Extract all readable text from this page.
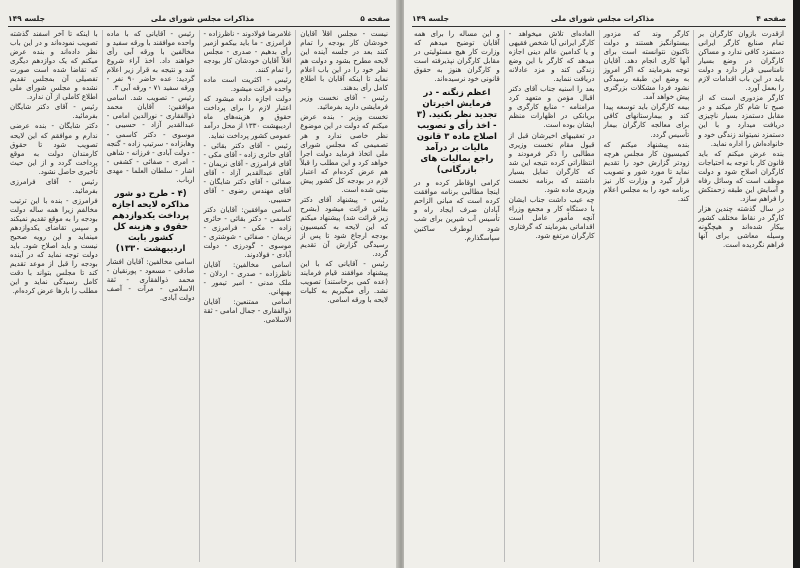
صفحه ۵
مذاکرات مجلس شورای ملی
جلسه ۱۴۹

نیست - مجلس اقلاً آقایان خودشان کار بودجه را تمام کنند بعد در جلسه آینده این لایحه مطرح بشود و دولت هم نظر خود را در این باب اعلام نماید تا اینکه آقایان با اطلاع کامل رأی بدهند.

رئیس - آقای نخست وزیر فرمایشی دارید بفرمائید.

نخست وزیر - بنده عرض میکنم که دولت در این موضوع نظر خاصی ندارد و هر تصمیمی که مجلس شورای ملی اتخاذ فرماید دولت اجرا خواهد کرد و این مطلب را قبلاً هم عرض کرده‌ام که اعتبار لازم در بودجه کل کشور پیش بینی شده است.

رئیس - پیشنهاد آقای دکتر بقائی قرائت میشود (بشرح زیر قرائت شد) پیشنهاد میکنم که این لایحه به کمیسیون بودجه ارجاع شود تا پس از رسیدگی گزارش آن تقدیم گردد.

رئیس - آقایانی که با این پیشنهاد موافقند قیام فرمایند (عده کمی برخاستند) تصویب نشد. رأی میگیریم به کلیات لایحه با ورقه اسامی.

غلامرضا فولادوند - ناظرزاده - فرامرزی - ما باید بیکمو ازمیر رأی بدهیم - صدری - مجلس اقلاً آقایان خودشان کار بودجه را تمام کنند.

رئیس - اکثریت است ماده واحده قرائت میشود.

دولت اجازه داده میشود که اعتبار لازم را برای پرداخت حقوق و هزینه‌های ماه اردیبهشت ۱۳۳۰ از محل درآمد عمومی کشور پرداخت نماید.

رئیس - آقای دکتر بقائی - آقای حائری زاده - آقای مکی - آقای فرامرزی - آقای نریمان - آقای عبدالقدیر آزاد - آقای صفائی - آقای دکتر شایگان - آقای مهندس رضوی - آقای حسیبی.

اسامی موافقین: آقایان دکتر کاسمی - دکتر بقائی - حائری زاده - مکی - فرامرزی - نریمان - صفائی - شوشتری - موسوی - گودرزی - دولت آبادی - فولادوند.

اسامی مخالفین: آقایان ناظرزاده - صدری - اردلان - ملک مدنی - امیر تیمور - بهبهانی.

اسامی ممتنعین: آقایان ذوالفقاری - جمال امامی - ثقة الاسلامی.

رئیس - آقایانی که با ماده واحده موافقند با ورقه سفید و مخالفین با ورقه آبی رأی خواهند داد. اخذ آراء شروع شد و نتیجه به قرار زیر اعلام گردید: عده حاضر ۹۰ نفر - ورقه سفید ۷۱ - ورقه آبی ۳.

رئیس - تصویب شد. اسامی موافقین: آقایان محمد ذوالفقاری - نورالدین امامی - عبدالقدیر آزاد - حسیبی - موسوی - دکتر کاسمی - وهابزاده - سرتیپ زاده - گنجه - دولت آبادی - فرزانه - شاهی - امری - صفائی - کشفی - اشار - سلطان العلما - مهدی ارباب.

(۴ - طرح دو شور مذاکره لایحه اجازه پرداخت یکدوازدهم حقوق و هزینه کل کشور بابت اردیبهشت ۱۳۳۰)

اسامی مخالفین: آقایان افشار صادقی - مسعود - پورنقیان - محمد ذوالفقاری - ثقة الاسلامی - مرآت - آصف دولت آبادی.

با اینکه تا آخر اسفند گذشته تصویب نموده‌اند و در این باب نظر داده‌اند و بنده عرض میکنم که یک دوازدهم دیگری که تقاضا شده است صورت تفصیلی آن بمجلس تقدیم نشده و مجلس شورای ملی اطلاع کاملی از آن ندارد.

رئیس - آقای دکتر شایگان بفرمائید.

دکتر شایگان - بنده عرضی ندارم و موافقم که این لایحه تصویب شود تا حقوق کارمندان دولت به موقع پرداخت گردد و از این حیث تأخیری حاصل نشود.

رئیس - آقای فرامرزی بفرمائید.

فرامرزی - بنده با این ترتیب مخالفم زیرا همه ساله دولت بودجه را به موقع تقدیم نمیکند و سپس تقاضای یکدوازدهم مینماید و این رویه صحیح نیست و باید اصلاح شود. باید دولت توجه نماید که در آینده بودجه را قبل از موعد تقدیم کند تا مجلس بتواند با دقت کامل رسیدگی نماید و این مطلب را بارها عرض کرده‌ام.

صفحه ۴
مذاکرات مجلس شورای ملی
جلسه ۱۴۹

ازقدرت بازوان کارگران بر تمام صنایع کارگر ایرانی دستمزد کافی ندارد و مساکن کارگران در وضع بسیار نامناسبی قرار دارد و دولت باید در این باب اقدامات لازم را بعمل آورد.

کارگر مزدوری است که از صبح تا شام کار میکند و در مقابل دستمزد بسیار ناچیزی دریافت میدارد و با این دستمزد نمیتواند زندگی خود و خانواده‌اش را اداره نماید.

بنده عرض میکنم که باید قانون کار با توجه به احتیاجات کارگران اصلاح شود و دولت موظف است که وسائل رفاه و آسایش این طبقه زحمتکش را فراهم سازد.

در سال گذشته چندین هزار کارگر در نقاط مختلف کشور بیکار شده‌اند و هیچگونه وسیله معاشی برای آنها فراهم نگردیده است.

کارگر وند که مزدور بیستوانگیز هستند و دولت تاکنون نتوانسته است برای آنها کاری انجام دهد. آقایان توجه بفرمایند که اگر امروز به وضع این طبقه رسیدگی نشود فردا مشکلات بزرگتری پیش خواهد آمد.

بیمه کارگران باید توسعه پیدا کند و بیمارستانهای کافی برای معالجه کارگران بیمار تأسیس گردد.

بنده پیشنهاد میکنم که کمیسیون کار مجلس هرچه زودتر گزارش خود را تقدیم نماید تا مورد شور و تصویب قرار گیرد و وزارت کار نیز برنامه خود را به مجلس اعلام کند.

العاده‌ای تلاش میخواهد - کارگر ایرانی آیا شخص فقیهی و یا کدامین عالم دینی اجازه میدهد که کارگر با این وضع زندگی کند و مزد عادلانه دریافت ننماید.

بعد را اسنیه جناب آقای دکتر اقبال مؤمن و متعهد کرد مرامنامه - منابع کارگری و بریانکی در اظهارات منظم ایشان بوده است.

در تعقیبهای اخیرشان قبل از قبول مقام نخست وزیری مطالبی را ذکر فرمودند و انتظاراتی کرده نتیجه این شد که کارگران تمایل بسیار داشتند که برنامه نخست وزیری ماده شود.

چه عیب داشت جناب ایشان با دستگاه کار و مجمع وزراء آنچه مأمور عامل است اقداماتی بفرمایند که گرفتاری کارگران مرتفع شود.

و این مساله را برای همه آقایان توضیح میدهم که وزارت کار هیچ مسئولیتی در مقابل کارگران نپذیرفته است و کارگران هنوز به حقوق قانونی خود نرسیده‌اند.

اعظم زنگنه - در فرمایش اخیرتان تجدید نظر بکنید. (۳ - اخذ رأی و تصویب اصلاح ماده ۳ قانون مالیات بر درآمد راجع بمالیات های بازرگانی)

کرامی اوقاطر کرده و در اینجا مطالبی برنامه موافقت کرده است که مبانی الزاحم آبادان صرف ایجاد راه و تأسیس آب شیرین برای شب شود لوطرف ساکنین سپاسگذارم.
